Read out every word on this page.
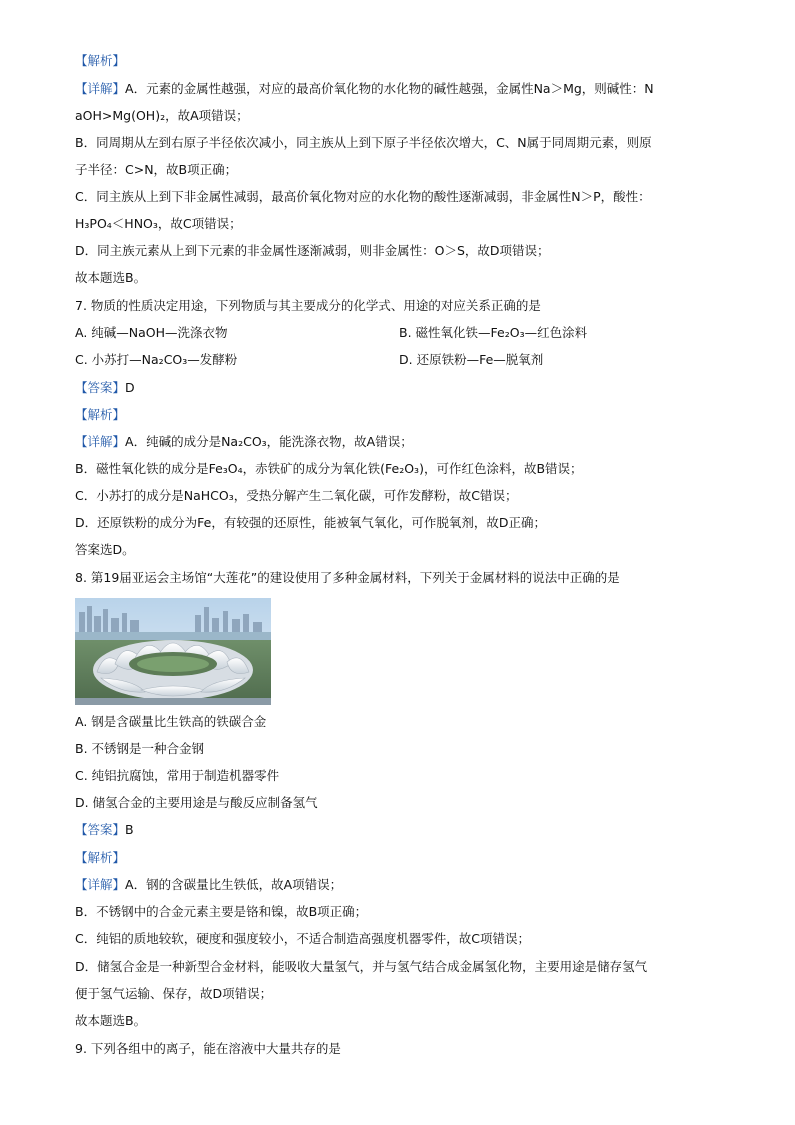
【解析】
【详解】A．元素的金属性越强，对应的最高价氧化物的水化物的碱性越强，金属性Na＞Mg，则碱性：N
aOH>Mg(OH)₂，故A项错误；
B．同周期从左到右原子半径依次减小，同主族从上到下原子半径依次增大，C、N属于同周期元素，则原
子半径：C>N，故B项正确；
C．同主族从上到下非金属性减弱，最高价氧化物对应的水化物的酸性逐渐减弱，非金属性N＞P，酸性：
H₃PO₄＜HNO₃，故C项错误；
D．同主族元素从上到下元素的非金属性逐渐减弱，则非金属性：O＞S，故D项错误；
故本题选B。
7. 物质的性质决定用途，下列物质与其主要成分的化学式、用途的对应关系正确的是
A. 纯碱—NaOH—洗涤衣物	B. 磁性氧化铁—Fe₂O₃—红色涂料
C. 小苏打—Na₂CO₃—发酵粉	D. 还原铁粉—Fe—脱氧剂
【答案】D
【解析】
【详解】A．纯碱的成分是Na₂CO₃，能洗涤衣物，故A错误；
B．磁性氧化铁的成分是Fe₃O₄，赤铁矿的成分为氧化铁(Fe₂O₃)，可作红色涂料，故B错误；
C．小苏打的成分是NaHCO₃，受热分解产生二氧化碳，可作发酵粉，故C错误；
D．还原铁粉的成分为Fe，有较强的还原性，能被氧气氧化，可作脱氧剂，故D正确；
答案选D。
8. 第19届亚运会主场馆“大莲花”的建设使用了多种金属材料，下列关于金属材料的说法中正确的是
A. 钢是含碳量比生铁高的铁碳合金
B. 不锈钢是一种合金钢
C. 纯铝抗腐蚀，常用于制造机器零件
D. 储氢合金的主要用途是与酸反应制备氢气
【答案】B
【解析】
【详解】A．钢的含碳量比生铁低，故A项错误；
B．不锈钢中的合金元素主要是铬和镍，故B项正确；
C．纯铝的质地较软，硬度和强度较小，不适合制造高强度机器零件，故C项错误；
D．储氢合金是一种新型合金材料，能吸收大量氢气，并与氢气结合成金属氢化物，主要用途是储存氢气
便于氢气运输、保存，故D项错误；
故本题选B。
9. 下列各组中的离子，能在溶液中大量共存的是
